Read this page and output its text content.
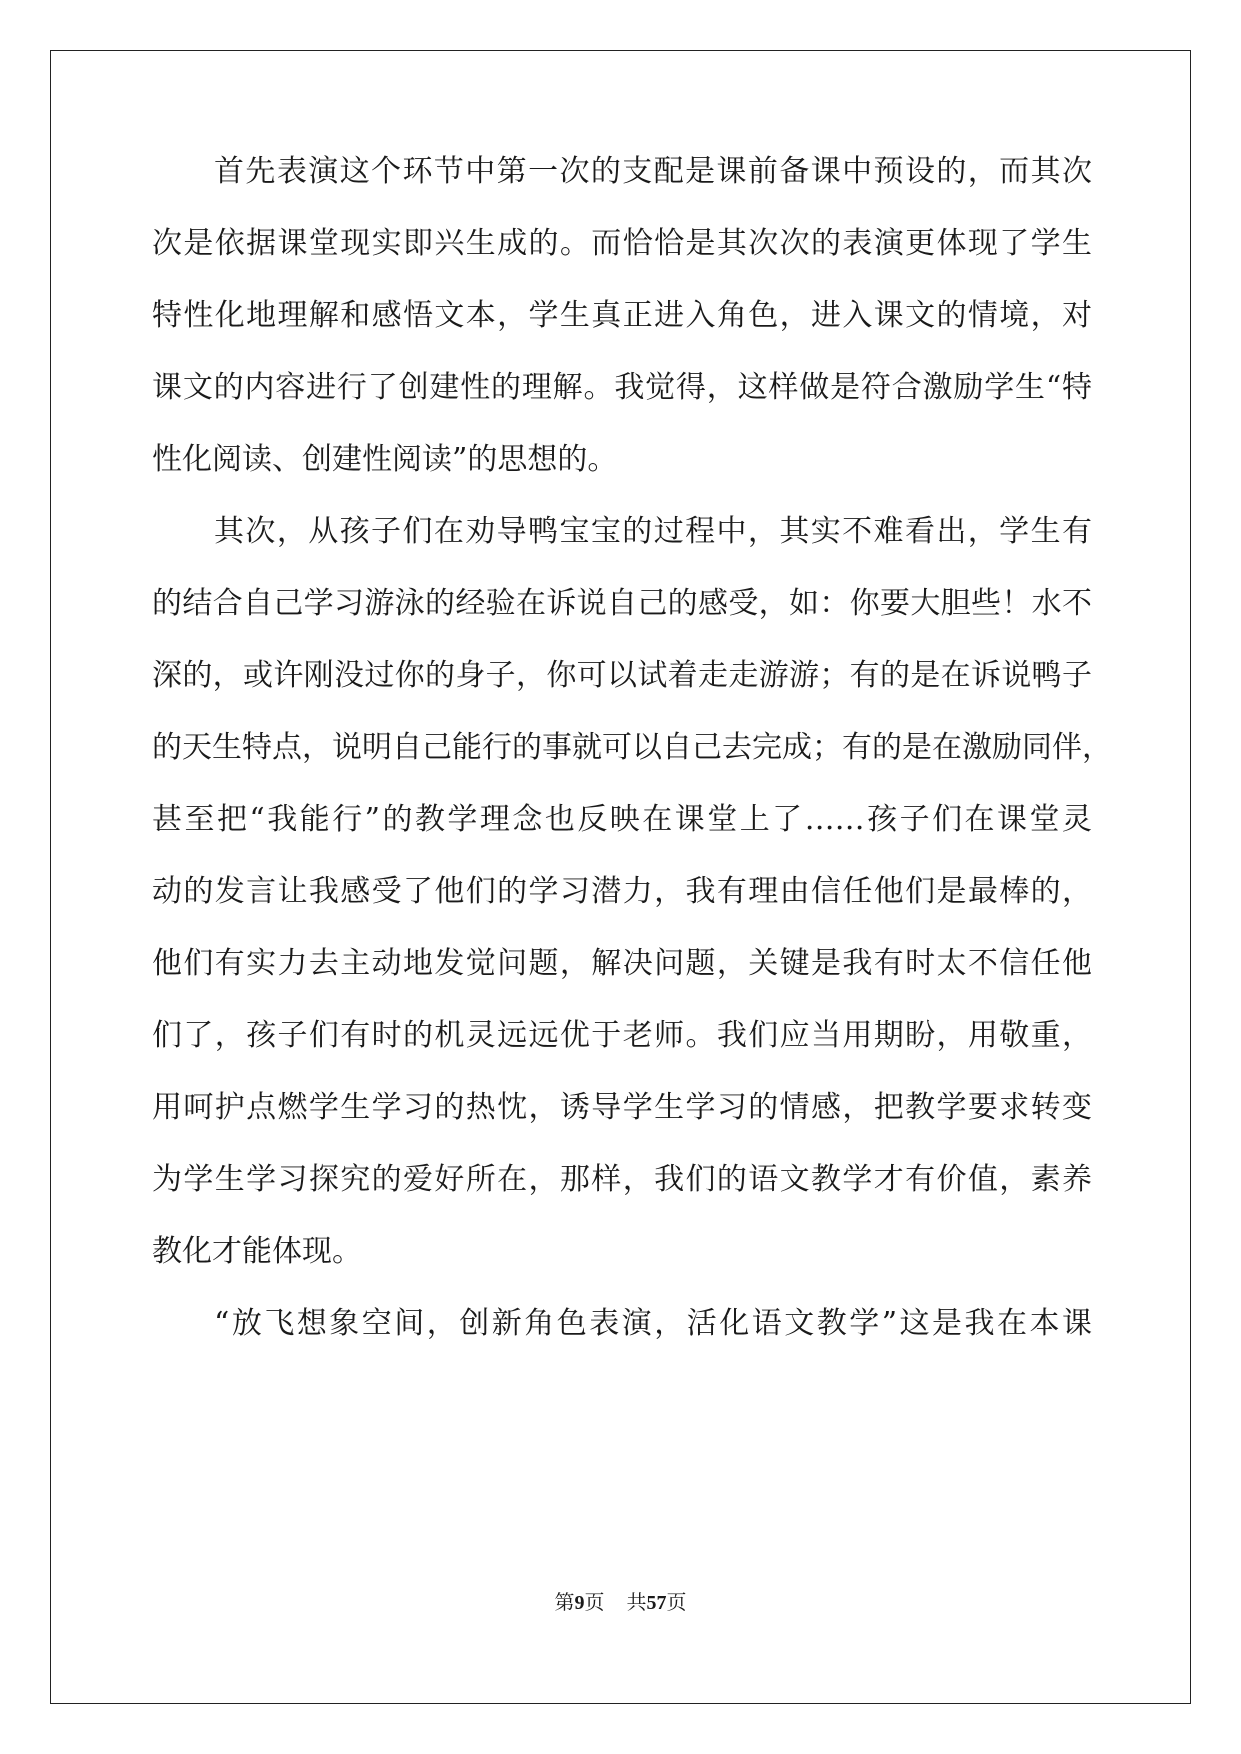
首先表演这个环节中第一次的支配是课前备课中预设的，而其次
次是依据课堂现实即兴生成的。而恰恰是其次次的表演更体现了学生
特性化地理解和感悟文本，学生真正进入角色，进入课文的情境，对
课文的内容进行了创建性的理解。我觉得，这样做是符合激励学生“特
性化阅读、创建性阅读”的思想的。
其次，从孩子们在劝导鸭宝宝的过程中，其实不难看出，学生有
的结合自己学习游泳的经验在诉说自己的感受，如：你要大胆些！水不
深的，或许刚没过你的身子，你可以试着走走游游；有的是在诉说鸭子
的天生特点，说明自己能行的事就可以自己去完成；有的是在激励同伴，
甚至把“我能行”的教学理念也反映在课堂上了……孩子们在课堂灵
动的发言让我感受了他们的学习潜力，我有理由信任他们是最棒的，
他们有实力去主动地发觉问题，解决问题，关键是我有时太不信任他
们了，孩子们有时的机灵远远优于老师。我们应当用期盼，用敬重，
用呵护点燃学生学习的热忱，诱导学生学习的情感，把教学要求转变
为学生学习探究的爱好所在，那样，我们的语文教学才有价值，素养
教化才能体现。
“放飞想象空间，创新角色表演，活化语文教学”这是我在本课
第9页 共57页
